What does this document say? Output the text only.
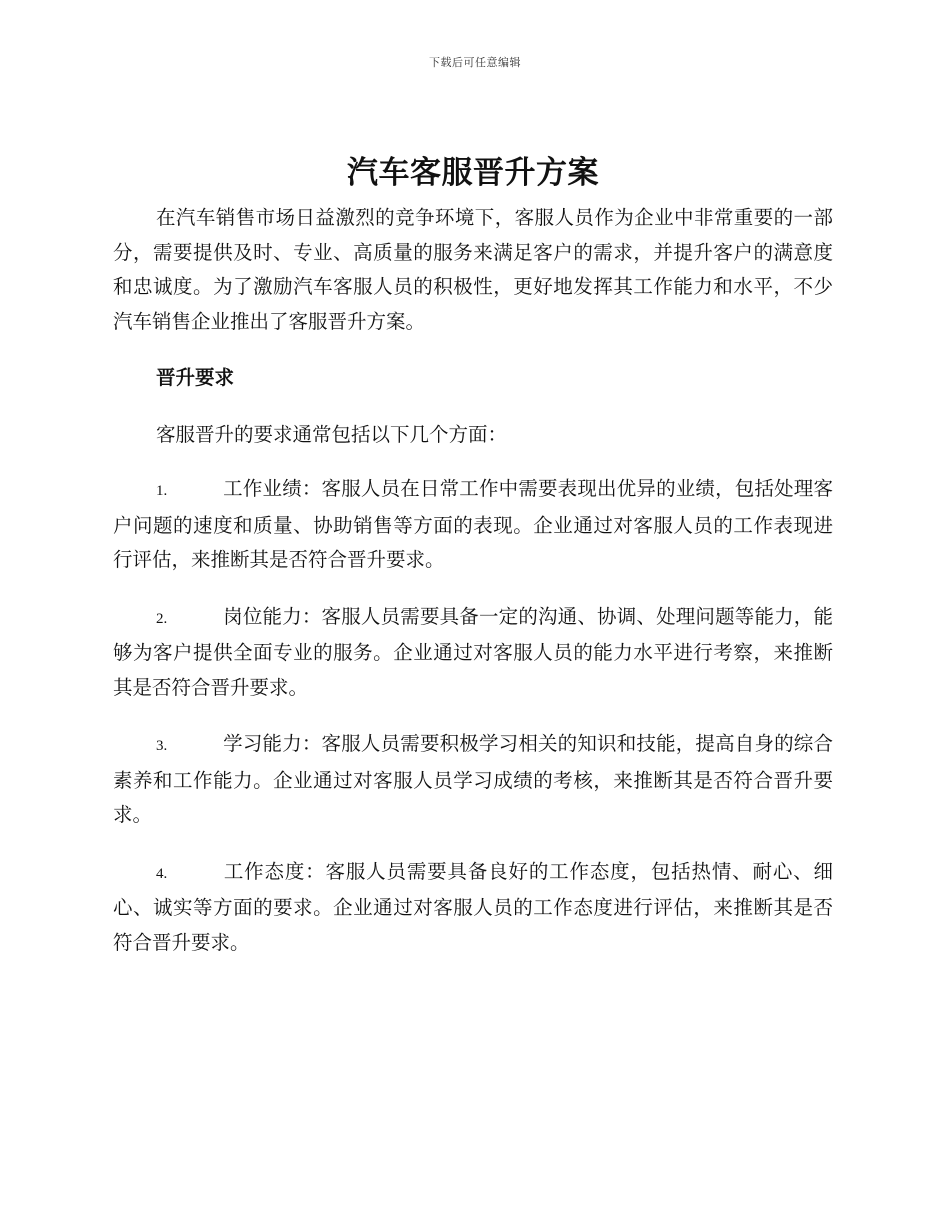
下载后可任意编辑
汽车客服晋升方案

在汽车销售市场日益激烈的竞争环境下，客服人员作为企业中非常重要的一部分，需要提供及时、专业、高质量的服务来满足客户的需求，并提升客户的满意度和忠诚度。为了激励汽车客服人员的积极性，更好地发挥其工作能力和水平，不少汽车销售企业推出了客服晋升方案。

晋升要求

客服晋升的要求通常包括以下几个方面：

1.	工作业绩：客服人员在日常工作中需要表现出优异的业绩，包括处理客户问题的速度和质量、协助销售等方面的表现。企业通过对客服人员的工作表现进行评估，来推断其是否符合晋升要求。

2.	岗位能力：客服人员需要具备一定的沟通、协调、处理问题等能力，能够为客户提供全面专业的服务。企业通过对客服人员的能力水平进行考察，来推断其是否符合晋升要求。

3.	学习能力：客服人员需要积极学习相关的知识和技能，提高自身的综合素养和工作能力。企业通过对客服人员学习成绩的考核，来推断其是否符合晋升要求。

4.	工作态度：客服人员需要具备良好的工作态度，包括热情、耐心、细心、诚实等方面的要求。企业通过对客服人员的工作态度进行评估，来推断其是否符合晋升要求。
